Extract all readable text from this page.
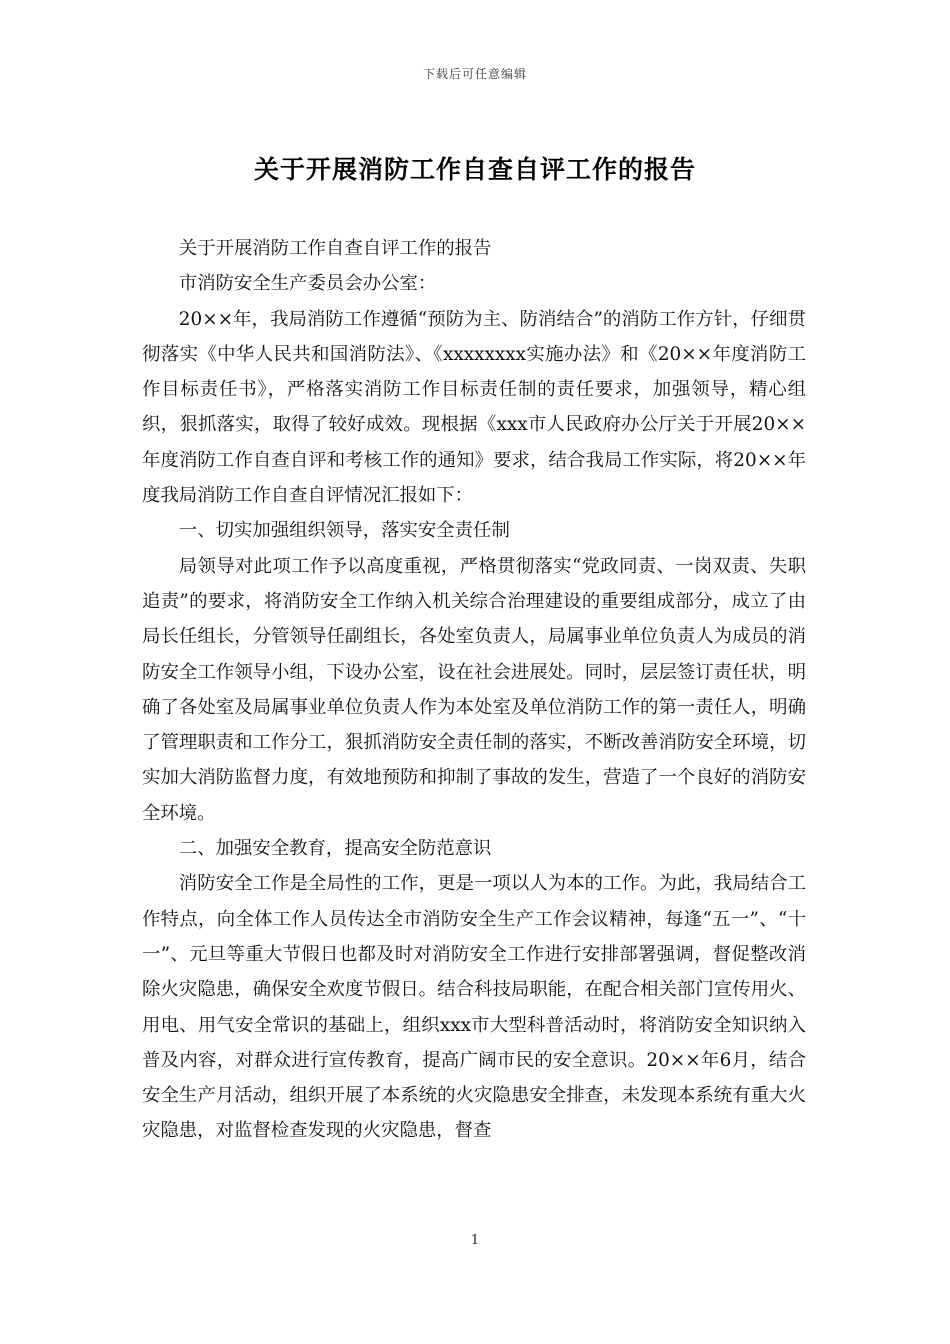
下载后可任意编辑
关于开展消防工作自查自评工作的报告

关于开展消防工作自查自评工作的报告

市消防安全生产委员会办公室：

20××年，我局消防工作遵循“预防为主、防消结合”的消防工作方针，仔细贯彻落实《中华人民共和国消防法》、《xxxxxxxx实施办法》和《20××年度消防工作目标责任书》，严格落实消防工作目标责任制的责任要求，加强领导，精心组织，狠抓落实，取得了较好成效。现根据《xxx市人民政府办公厅关于开展20××年度消防工作自查自评和考核工作的通知》要求，结合我局工作实际，将20××年度我局消防工作自查自评情况汇报如下：

一、切实加强组织领导，落实安全责任制

局领导对此项工作予以高度重视，严格贯彻落实“党政同责、一岗双责、失职追责”的要求，将消防安全工作纳入机关综合治理建设的重要组成部分，成立了由局长任组长，分管领导任副组长，各处室负责人，局属事业单位负责人为成员的消防安全工作领导小组，下设办公室，设在社会进展处。同时，层层签订责任状，明确了各处室及局属事业单位负责人作为本处室及单位消防工作的第一责任人，明确了管理职责和工作分工，狠抓消防安全责任制的落实，不断改善消防安全环境，切实加大消防监督力度，有效地预防和抑制了事故的发生，营造了一个良好的消防安全环境。

二、加强安全教育，提高安全防范意识

消防安全工作是全局性的工作，更是一项以人为本的工作。为此，我局结合工作特点，向全体工作人员传达全市消防安全生产工作会议精神，每逢“五一”、“十一”、元旦等重大节假日也都及时对消防安全工作进行安排部署强调，督促整改消除火灾隐患，确保安全欢度节假日。结合科技局职能，在配合相关部门宣传用火、用电、用气安全常识的基础上，组织xxx市大型科普活动时，将消防安全知识纳入普及内容，对群众进行宣传教育，提高广阔市民的安全意识。20××年6月，结合安全生产月活动，组织开展了本系统的火灾隐患安全排查，未发现本系统有重大火灾隐患，对监督检查发现的火灾隐患，督查

1
